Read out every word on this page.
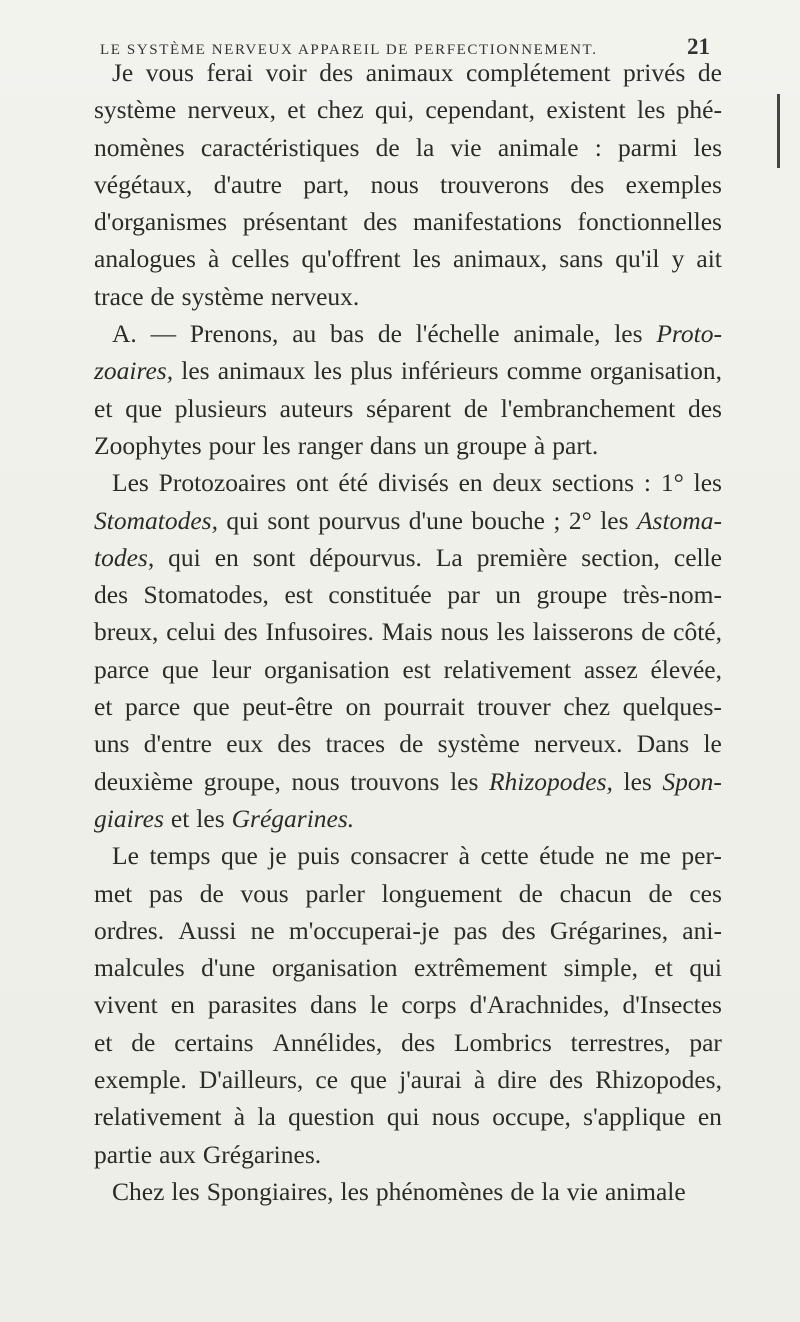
LE SYSTÈME NERVEUX APPAREIL DE PERFECTIONNEMENT.	21
Je vous ferai voir des animaux complétement privés de
système nerveux, et chez qui, cependant, existent les phé-
nomènes caractéristiques de la vie animale : parmi les
végétaux, d'autre part, nous trouverons des exemples
d'organismes présentant des manifestations fonctionnelles
analogues à celles qu'offrent les animaux, sans qu'il y ait
trace de système nerveux.
A. — Prenons, au bas de l'échelle animale, les Proto-
zoaires, les animaux les plus inférieurs comme organisation,
et que plusieurs auteurs séparent de l'embranchement des
Zoophytes pour les ranger dans un groupe à part.
Les Protozoaires ont été divisés en deux sections : 1° les
Stomatodes, qui sont pourvus d'une bouche ; 2° les Astoma-
todes, qui en sont dépourvus. La première section, celle
des Stomatodes, est constituée par un groupe très-nom-
breux, celui des Infusoires. Mais nous les laisserons de côté,
parce que leur organisation est relativement assez élevée,
et parce que peut-être on pourrait trouver chez quelques-
uns d'entre eux des traces de système nerveux. Dans le
deuxième groupe, nous trouvons les Rhizopodes, les Spon-
giaires et les Grégarines.
Le temps que je puis consacrer à cette étude ne me per-
met pas de vous parler longuement de chacun de ces
ordres. Aussi ne m'occuperai-je pas des Grégarines, ani-
malcules d'une organisation extrêmement simple, et qui
vivent en parasites dans le corps d'Arachnides, d'Insectes
et de certains Annélides, des Lombrics terrestres, par
exemple. D'ailleurs, ce que j'aurai à dire des Rhizopodes,
relativement à la question qui nous occupe, s'applique en
partie aux Grégarines.
Chez les Spongiaires, les phénomènes de la vie animale
